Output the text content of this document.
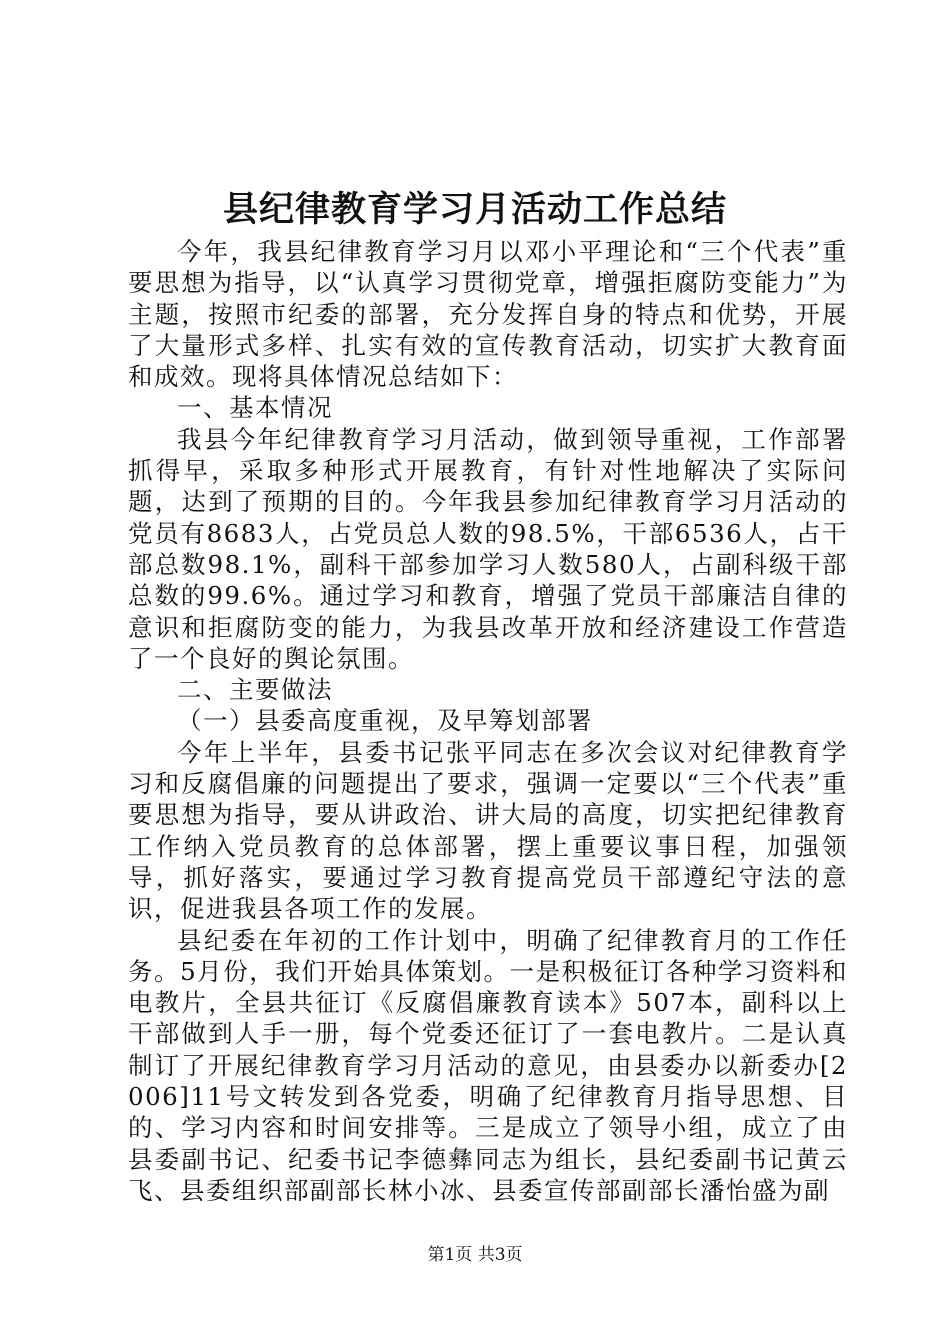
县纪律教育学习月活动工作总结

今年，我县纪律教育学习月以邓小平理论和“三个代表”重要思想为指导，以“认真学习贯彻党章，增强拒腐防变能力”为主题，按照市纪委的部署，充分发挥自身的特点和优势，开展了大量形式多样、扎实有效的宣传教育活动，切实扩大教育面和成效。现将具体情况总结如下：

一、基本情况

我县今年纪律教育学习月活动，做到领导重视，工作部署抓得早，采取多种形式开展教育，有针对性地解决了实际问题，达到了预期的目的。今年我县参加纪律教育学习月活动的党员有8683人，占党员总人数的98.5%，干部6536人，占干部总数98.1%，副科干部参加学习人数580人，占副科级干部总数的99.6%。通过学习和教育，增强了党员干部廉洁自律的意识和拒腐防变的能力，为我县改革开放和经济建设工作营造了一个良好的舆论氛围。

二、主要做法

（一）县委高度重视，及早筹划部署

今年上半年，县委书记张平同志在多次会议对纪律教育学习和反腐倡廉的问题提出了要求，强调一定要以“三个代表”重要思想为指导，要从讲政治、讲大局的高度，切实把纪律教育工作纳入党员教育的总体部署，摆上重要议事日程，加强领导，抓好落实，要通过学习教育提高党员干部遵纪守法的意识，促进我县各项工作的发展。

县纪委在年初的工作计划中，明确了纪律教育月的工作任务。5月份，我们开始具体策划。一是积极征订各种学习资料和电教片，全县共征订《反腐倡廉教育读本》507本，副科以上干部做到人手一册，每个党委还征订了一套电教片。二是认真制订了开展纪律教育学习月活动的意见，由县委办以新委办[2006]11号文转发到各党委，明确了纪律教育月指导思想、目的、学习内容和时间安排等。三是成立了领导小组，成立了由县委副书记、纪委书记李德彝同志为组长，县纪委副书记黄云飞、县委组织部副部长林小冰、县委宣传部副部长潘怡盛为副

第1页 共3页
